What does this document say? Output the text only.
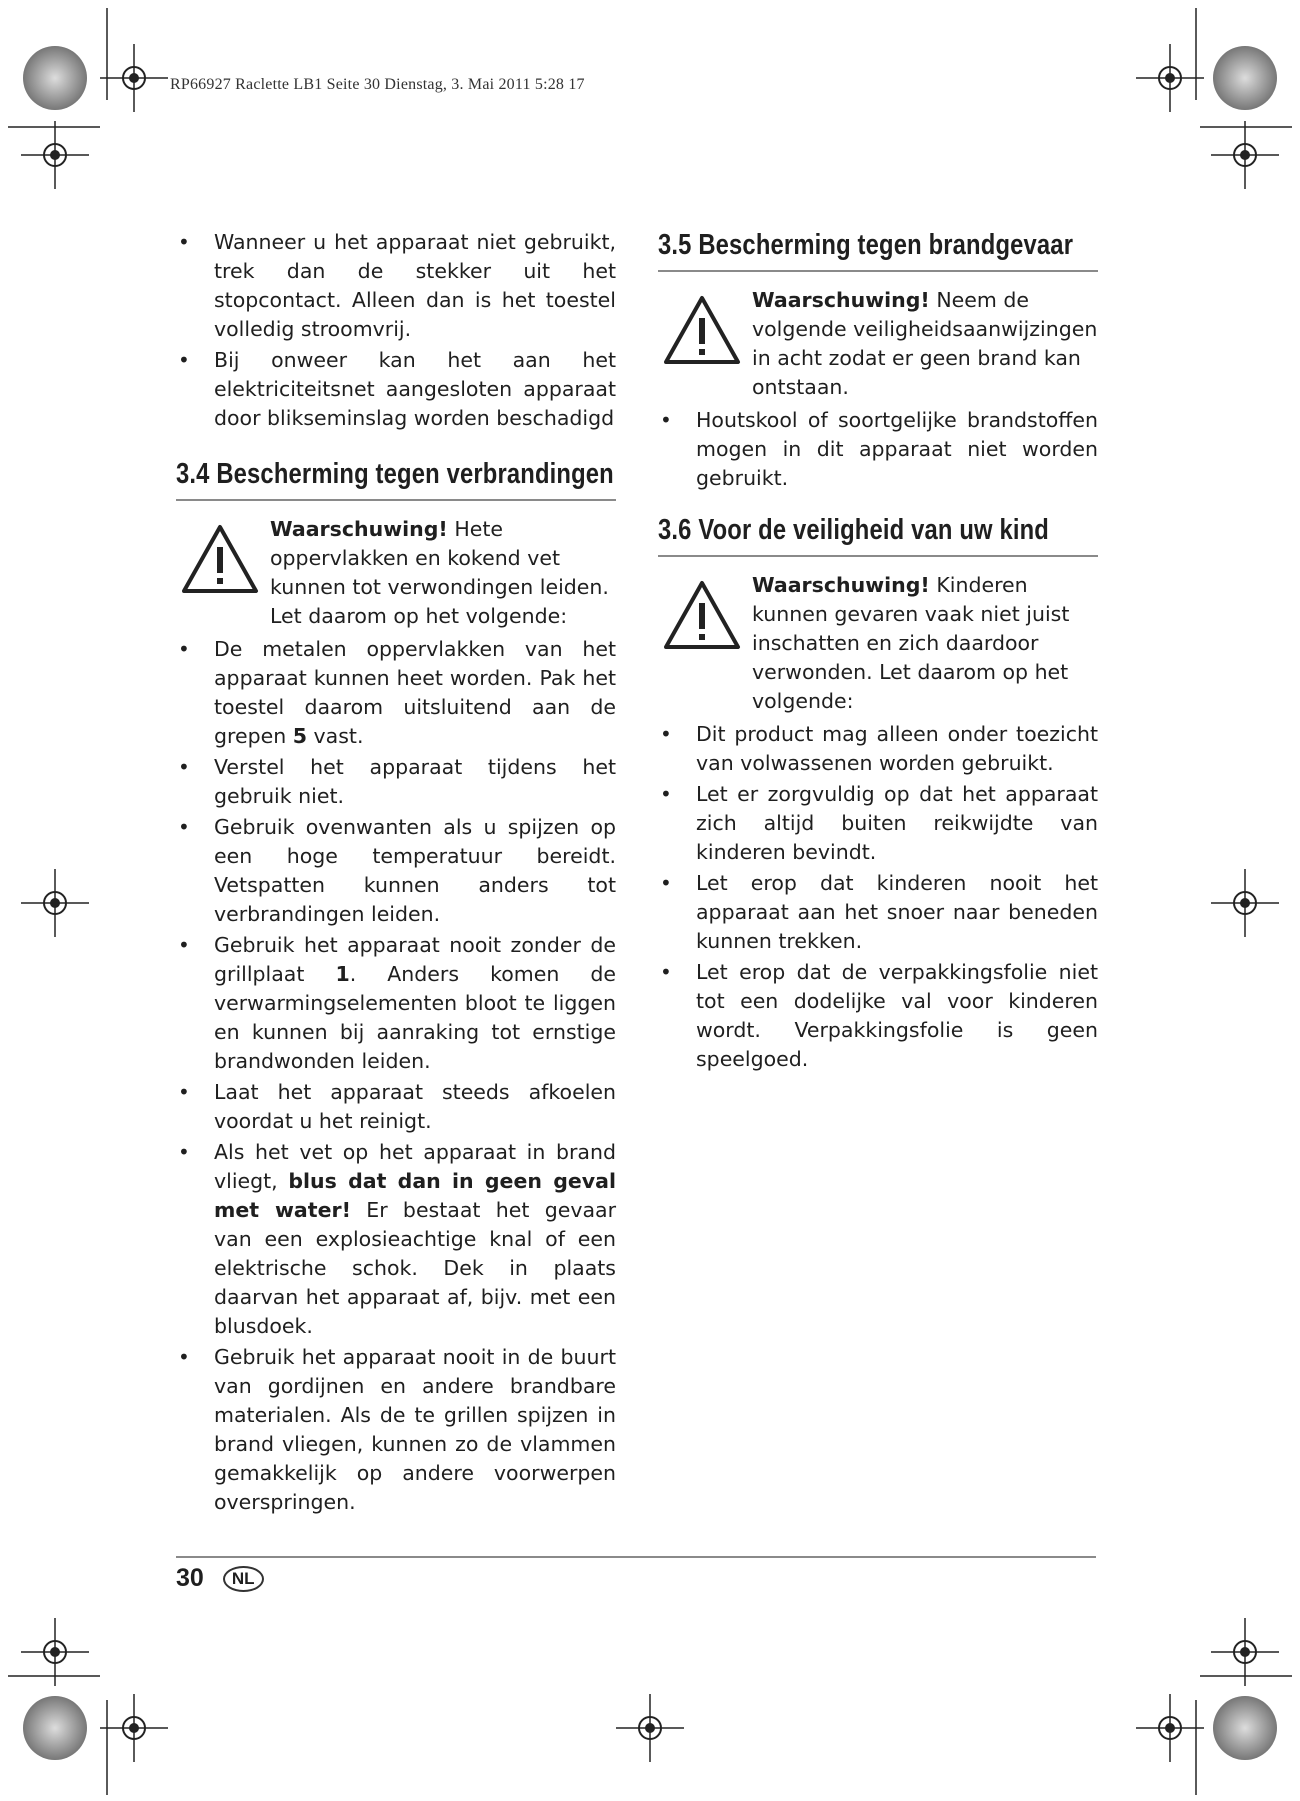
RP66927 Raclette LB1 Seite 30 Dienstag, 3. Mai 2011 5:28 17
• Wanneer u het apparaat niet gebruikt, trek dan de stekker uit het stopcontact. Alleen dan is het toestel volledig stroomvrij.
• Bij onweer kan het aan het elektriciteitsnet aangesloten apparaat door blikseminslag worden beschadigd
3.4 Bescherming tegen verbrandingen
Waarschuwing! Hete oppervlakken en kokend vet kunnen tot verwondingen leiden. Let daarom op het volgende:
• De metalen oppervlakken van het apparaat kunnen heet worden. Pak het toestel daarom uitsluitend aan de grepen 5 vast.
• Verstel het apparaat tijdens het gebruik niet.
• Gebruik ovenwanten als u spijzen op een hoge temperatuur bereidt. Vetspatten kunnen anders tot verbrandingen leiden.
• Gebruik het apparaat nooit zonder de grillplaat 1. Anders komen de verwarmingselementen bloot te liggen en kunnen bij aanraking tot ernstige brandwonden leiden.
• Laat het apparaat steeds afkoelen voordat u het reinigt.
• Als het vet op het apparaat in brand vliegt, blus dat dan in geen geval met water! Er bestaat het gevaar van een explosieachtige knal of een elektrische schok. Dek in plaats daarvan het apparaat af, bijv. met een blusdoek.
• Gebruik het apparaat nooit in de buurt van gordijnen en andere brandbare materialen. Als de te grillen spijzen in brand vliegen, kunnen zo de vlammen gemakkelijk op andere voorwerpen overspringen.
3.5 Bescherming tegen brandgevaar
Waarschuwing! Neem de volgende veiligheidsaanwijzingen in acht zodat er geen brand kan ontstaan.
• Houtskool of soortgelijke brandstoffen mogen in dit apparaat niet worden gebruikt.
3.6 Voor de veiligheid van uw kind
Waarschuwing! Kinderen kunnen gevaren vaak niet juist inschatten en zich daardoor verwonden. Let daarom op het volgende:
• Dit product mag alleen onder toezicht van volwassenen worden gebruikt.
• Let er zorgvuldig op dat het apparaat zich altijd buiten reikwijdte van kinderen bevindt.
• Let erop dat kinderen nooit het apparaat aan het snoer naar beneden kunnen trekken.
• Let erop dat de verpakkingsfolie niet tot een dodelijke val voor kinderen wordt. Verpakkingsfolie is geen speelgoed.
30 NL
